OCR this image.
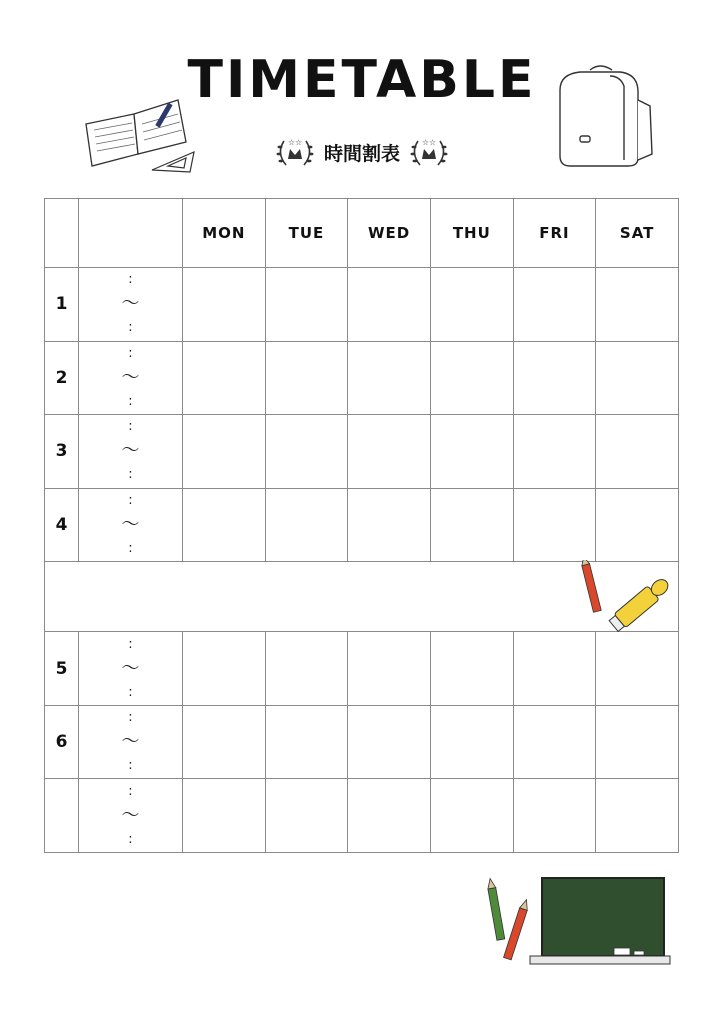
TIMETABLE
☆☆ 時間割表	☆☆
		MON	TUE	WED	THU	FRI	SAT
1	:
～
:						

2	:
～
:						

3	:
～
:						

4	:
～
:						

5	:
～
:						

6	:
～
:						

	:
～
:						
